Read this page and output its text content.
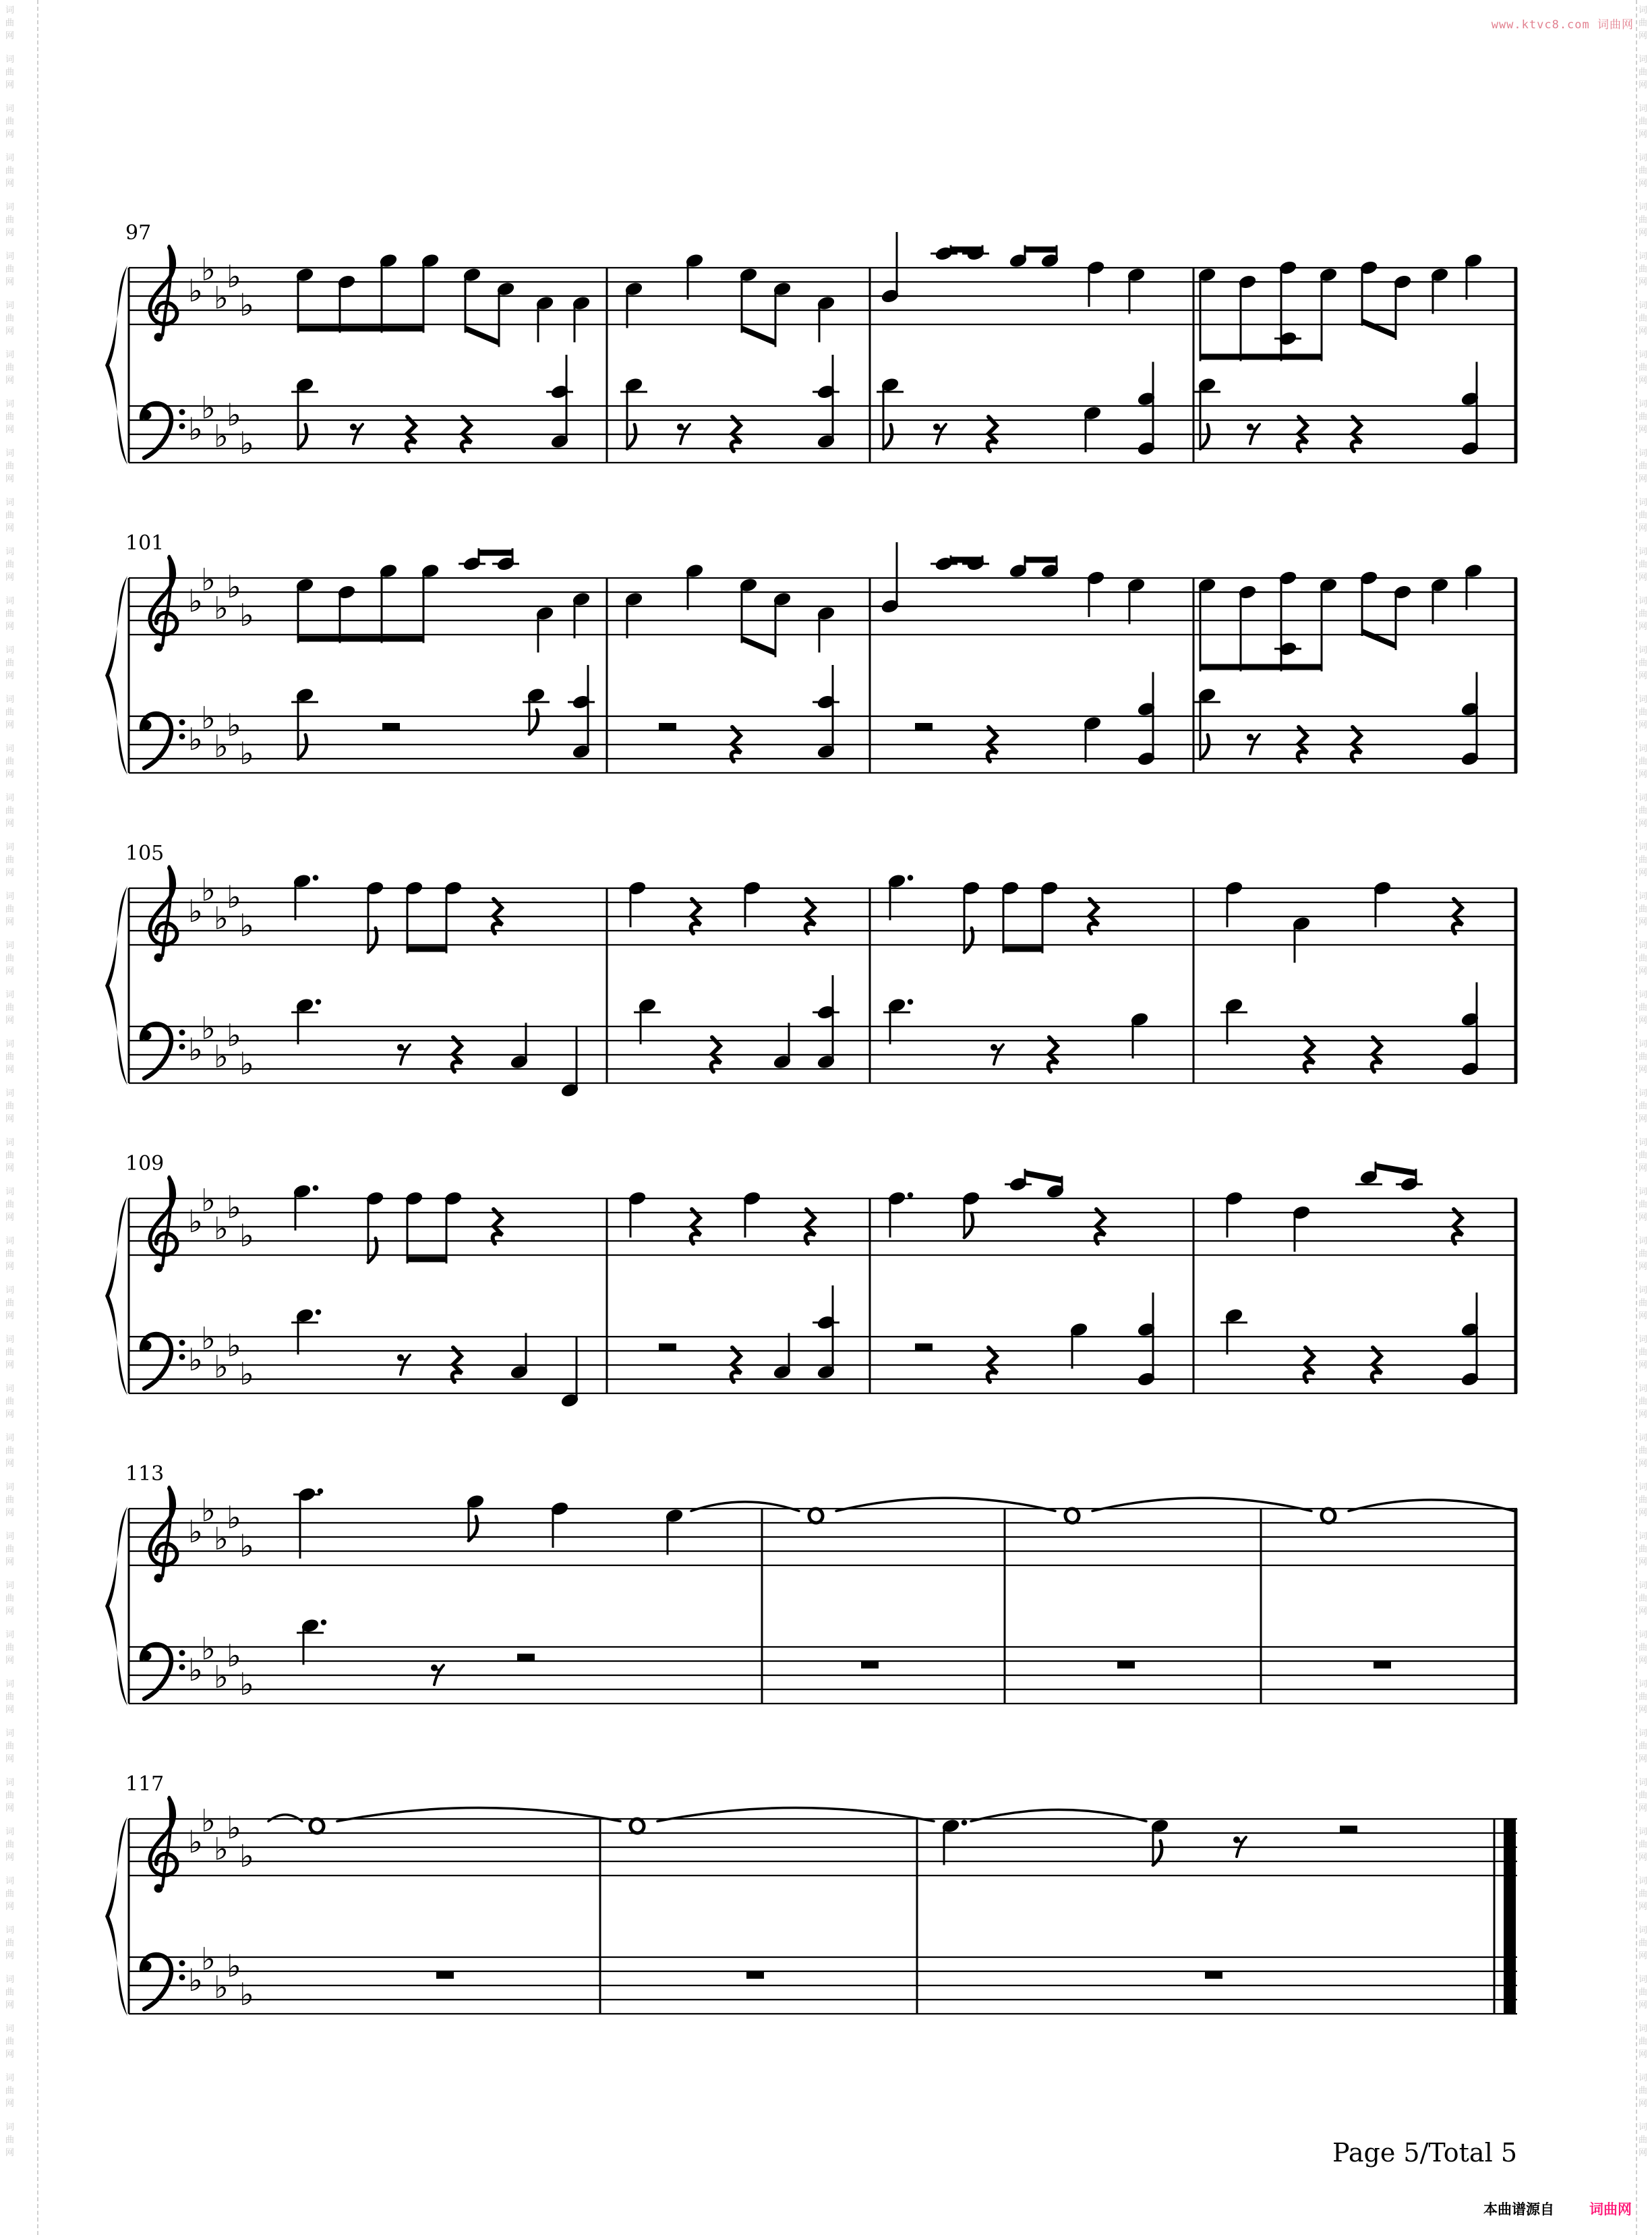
词
曲
网
词
曲
网
词
曲
网
词
曲
网
词
曲
网
词
曲
网
词
曲
网
词
曲
网
词
曲
网
词
曲
网
词
曲
网
词
曲
网
词
曲
网
词
曲
网
词
曲
网
词
曲
网
词
曲
网
词
曲
网
词
曲
网
词
曲
网
词
曲
网
词
曲
网
词
曲
网
词
曲
网
词
曲
网
词
曲
网
词
曲
网
词
曲
网
词
曲
网
词
曲
网
词
曲
网
词
曲
网
词
曲
网
词
曲
网
词
曲
网
词
曲
网
词
曲
网
词
曲
网
词
曲
网
词
曲
网
词
曲
网
词
曲
网
词
曲
网
词
曲
网
词
曲
网
词
曲
网
词
曲
网
词
曲
网
词
曲
网
词
曲
网
词
曲
网
词
曲
网
词
曲
网
词
曲
网
词
曲
网
词
曲
网
词
曲
网
词
曲
网
词
曲
网
词
曲
网
词
曲
网
词
曲
网
词
曲
网
词
曲
网
词
曲
网
词
曲
网
词
曲
网
词
曲
网
词
曲
网
词
曲
网
词
曲
网
词
曲
网
词
曲
网
词
曲
网
词
曲
网
词
曲
网
词
曲
网
词
曲
网
词
曲
网
词
曲
网
词
曲
网
词
曲
网
词
曲
网
词
曲
网
词
曲
网
词
曲
网
词
曲
网
词
曲
网
www.ktvc8.com 词曲网
97
♭
♭
♭
♭
♭
♭
♭
♭
♭
♭
101
♭
♭
♭
♭
♭
♭
♭
♭
♭
♭
105
♭
♭
♭
♭
♭
♭
♭
♭
♭
♭
109
♭
♭
♭
♭
♭
♭
♭
♭
♭
♭
113
♭
♭
♭
♭
♭
♭
♭
♭
♭
♭
117
♭
♭
♭
♭
♭
♭
♭
♭
♭
♭
Page 5/Total 5
本曲谱源自 词曲网
